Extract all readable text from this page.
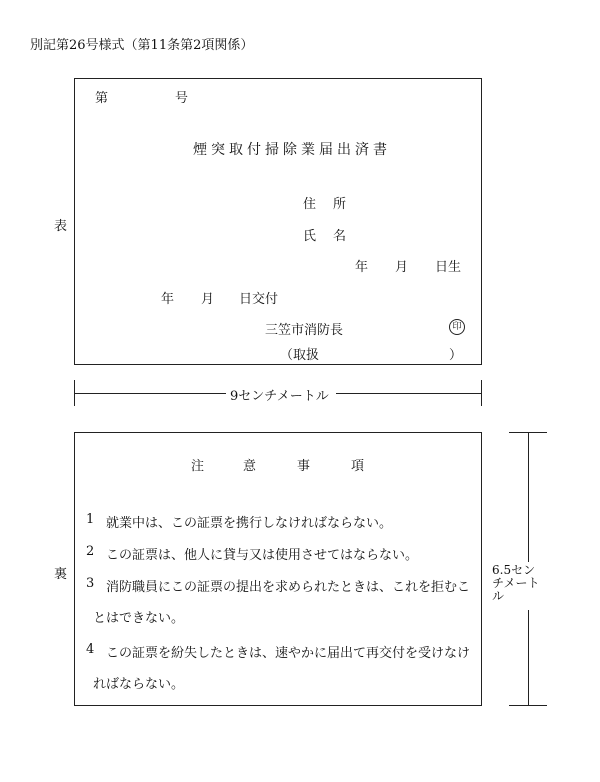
別記第26号様式（第11条第2項関係）
表
第	号
煙突取付掃除業届出済書
住　所
氏　名
年 月 日生
年 月 日交付
三笠市消防長	印
（取扱	）
9センチメートル
裏
注	意	事	項
1 就業中は、この証票を携行しなければならない。
2 この証票は、他人に貸与又は使用させてはならない。
3 消防職員にこの証票の提出を求められたときは、これを拒むこ
とはできない。
4 この証票を紛失したときは、速やかに届出て再交付を受けなけ
ればならない。
6.5セン
チメート
ル
